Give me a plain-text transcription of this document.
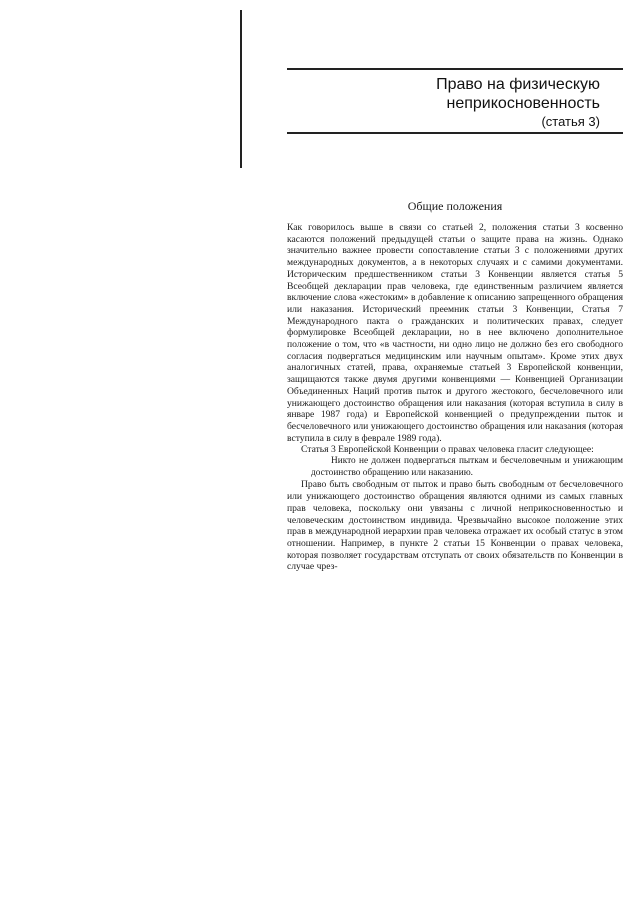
Право на физическую
неприкосновенность
(статья 3)
Общие положения

Как говорилось выше в связи со статьей 2, положения статьи 3 косвенно касаются положений предыдущей статьи о защите права на жизнь. Однако значительно важнее провести сопоставление статьи 3 с положениями других международных документов, а в некоторых случаях и с самими документами. Историческим предшественником статьи 3 Конвенции является статья 5 Всеобщей декларации прав человека, где единственным различием является включение слова «жестоким» в добавление к описанию запрещенного обращения или наказания. Исторический преемник статьи 3 Конвенции, Статья 7 Международного пакта о гражданских и политических правах, следует формулировке Всеобщей декларации, но в нее включено дополнительное положение о том, что «в частности, ни одно лицо не должно без его свободного согласия подвергаться медицинским или научным опытам». Кроме этих двух аналогичных статей, права, охраняемые статьей 3 Европейской конвенции, защищаются также двумя другими конвенциями — Конвенцией Организации Объединенных Наций против пыток и другого жестокого, бесчеловечного или унижающего достоинство обращения или наказания (которая вступила в силу в январе 1987 года) и Европейской конвенцией о предупреждении пыток и бесчеловечного или унижающего достоинство обращения или наказания (которая вступила в силу в феврале 1989 года).

Статья 3 Европейской Конвенции о правах человека гласит следующее:

Никто не должен подвергаться пыткам и бесчеловечным и унижающим достоинство обращению или наказанию.

Право быть свободным от пыток и право быть свободным от бесчеловечного или унижающего достоинство обращения являются одними из самых главных прав человека, поскольку они увязаны с личной неприкосновенностью и человеческим достоинством индивида. Чрезвычайно высокое положение этих прав в международной иерархии прав человека отражает их особый статус в этом отношении. Например, в пункте 2 статьи 15 Конвенции о правах человека, которая позволяет государствам отступать от своих обязательств по Конвенции в случае чрез-
